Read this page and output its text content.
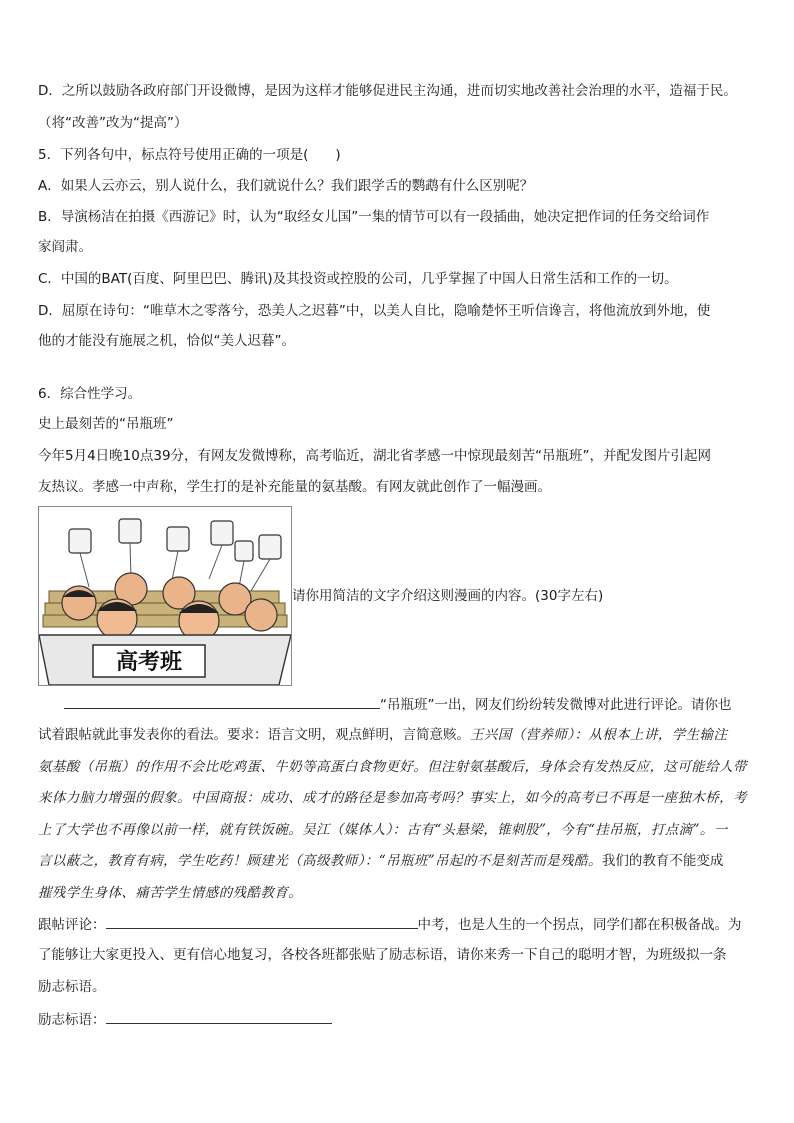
D．之所以鼓励各政府部门开设微博，是因为这样才能够促进民主沟通，进而切实地改善社会治理的水平，造福于民。
（将“改善”改为“提高”）
5．下列各句中，标点符号使用正确的一项是(　　)
A．如果人云亦云，别人说什么，我们就说什么？我们跟学舌的鹦鹉有什么区别呢？
B．导演杨洁在拍摄《西游记》时，认为“取经女儿国”一集的情节可以有一段插曲，她决定把作词的任务交给词作
家阎肃。
C．中国的BAT(百度、阿里巴巴、腾讯)及其投资或控股的公司，几乎掌握了中国人日常生活和工作的一切。
D．屈原在诗句：“唯草木之零落兮，恐美人之迟暮”中，以美人自比，隐喻楚怀王听信谗言，将他流放到外地，使
他的才能没有施展之机，恰似“美人迟暮”。
6．综合性学习。
史上最刻苦的“吊瓶班”
今年5月4日晚10点39分，有网友发微博称，高考临近，湖北省孝感一中惊现最刻苦“吊瓶班”，并配发图片引起网
友热议。孝感一中声称，学生打的是补充能量的氨基酸。有网友就此创作了一幅漫画。
高考班
请你用简洁的文字介绍这则漫画的内容。(30字左右)
“吊瓶班”一出，网友们纷纷转发微博对此进行评论。请你也
试着跟帖就此事发表你的看法。要求：语言文明，观点鲜明，言简意赅。王兴国（营养师）：从根本上讲，学生输注
氨基酸（吊瓶）的作用不会比吃鸡蛋、牛奶等高蛋白食物更好。但注射氨基酸后，身体会有发热反应，这可能给人带
来体力脑力增强的假象。中国商报：成功、成才的路径是参加高考吗？事实上，如今的高考已不再是一座独木桥，考
上了大学也不再像以前一样，就有铁饭碗。吴江（媒体人）：古有“头悬梁，锥刺股”，今有“挂吊瓶，打点滴”。一
言以蔽之，教育有病，学生吃药！顾建光（高级教师）：“吊瓶班”吊起的不是刻苦而是残酷。我们的教育不能变成
摧残学生身体、痛苦学生情感的残酷教育。
跟帖评论：	中考，也是人生的一个拐点，同学们都在积极备战。为
了能够让大家更投入、更有信心地复习，各校各班都张贴了励志标语，请你来秀一下自己的聪明才智，为班级拟一条
励志标语。
励志标语：
